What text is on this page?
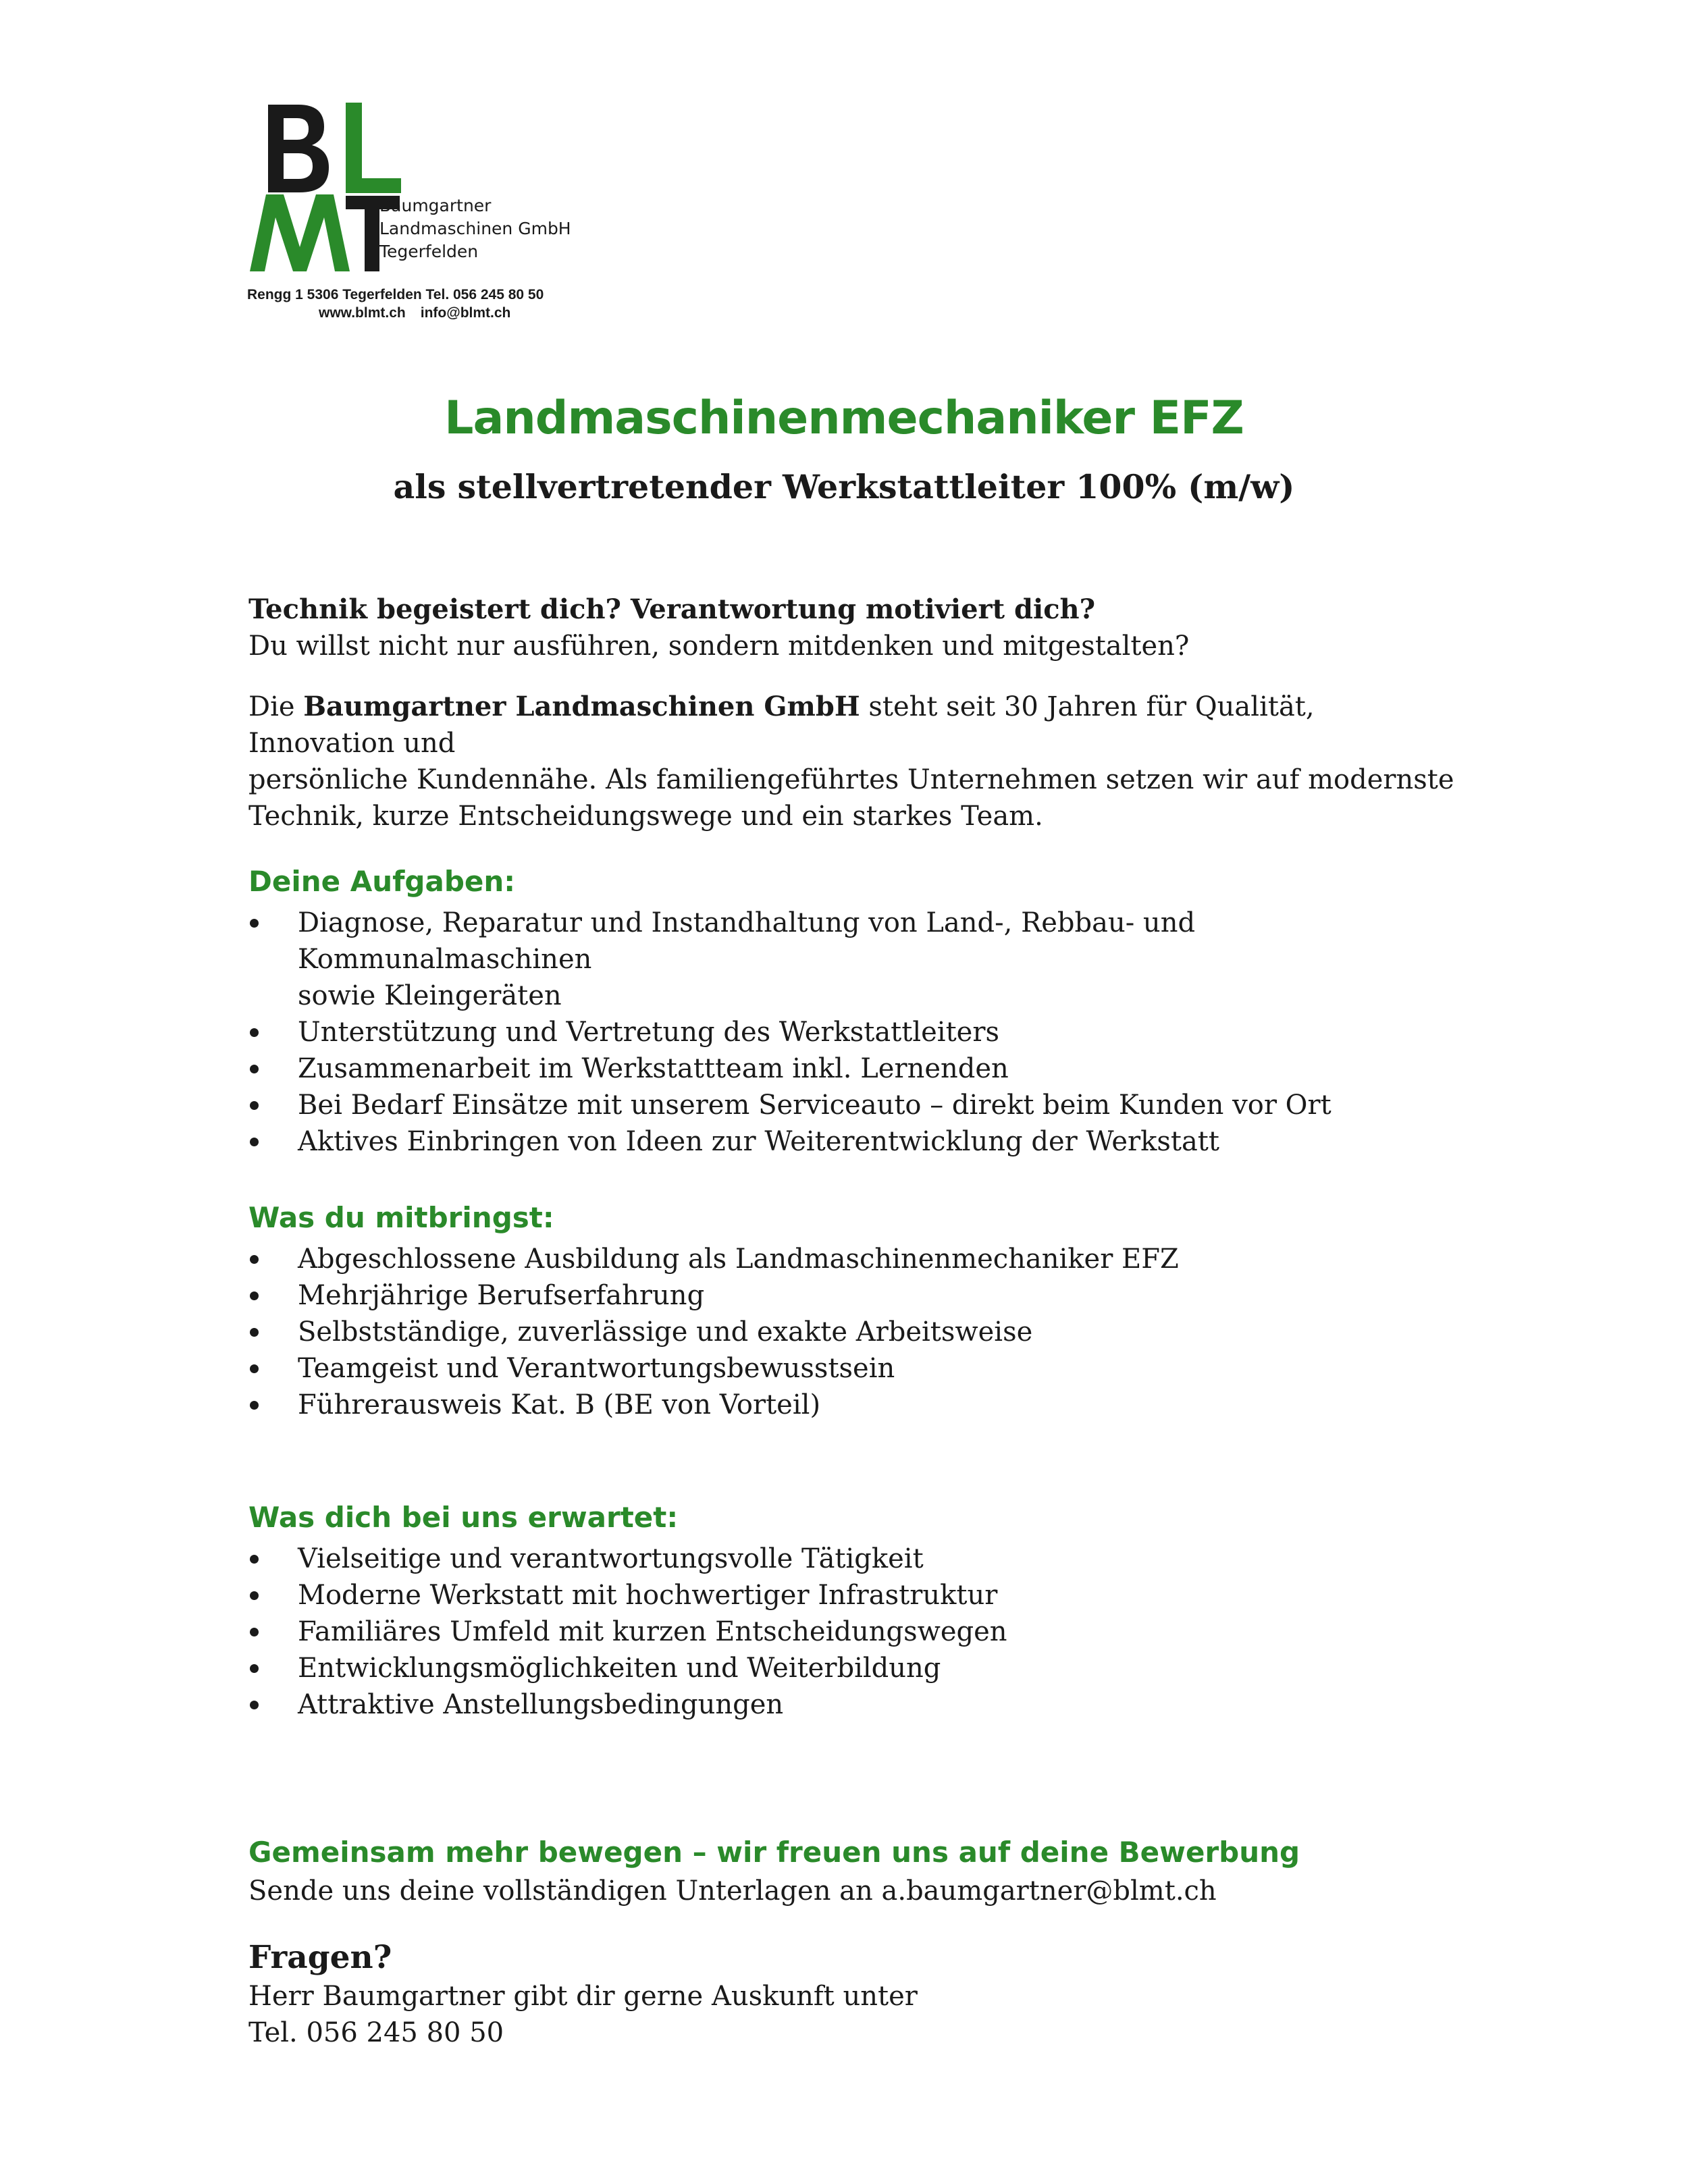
Baumgartner
Landmaschinen GmbH
Tegerfelden
Rengg 1 5306 Tegerfelden Tel. 056 245 80 50
www.blmt.ch info@blmt.ch
Landmaschinenmechaniker EFZ
als stellvertretender Werkstattleiter 100% (m/w)

Technik begeistert dich? Verantwortung motiviert dich?

Du willst nicht nur ausführen, sondern mitdenken und mitgestalten?

Die Baumgartner Landmaschinen GmbH steht seit 30 Jahren für Qualität, Innovation und

persönliche Kundennähe. Als familiengeführtes Unternehmen setzen wir auf modernste

Technik, kurze Entscheidungswege und ein starkes Team.

Deine Aufgaben:
Diagnose, Reparatur und Instandhaltung von Land-, Rebbau- und Kommunalmaschinen
sowie Kleingeräten
Unterstützung und Vertretung des Werkstattleiters
Zusammenarbeit im Werkstattteam inkl. Lernenden
Bei Bedarf Einsätze mit unserem Serviceauto – direkt beim Kunden vor Ort
Aktives Einbringen von Ideen zur Weiterentwicklung der Werkstatt
Was du mitbringst:
Abgeschlossene Ausbildung als Landmaschinenmechaniker EFZ
Mehrjährige Berufserfahrung
Selbstständige, zuverlässige und exakte Arbeitsweise
Teamgeist und Verantwortungsbewusstsein
Führerausweis Kat. B (BE von Vorteil)
Was dich bei uns erwartet:
Vielseitige und verantwortungsvolle Tätigkeit
Moderne Werkstatt mit hochwertiger Infrastruktur
Familiäres Umfeld mit kurzen Entscheidungswegen
Entwicklungsmöglichkeiten und Weiterbildung
Attraktive Anstellungsbedingungen
Gemeinsam mehr bewegen – wir freuen uns auf deine Bewerbung

Sende uns deine vollständigen Unterlagen an a.baumgartner@blmt.ch

Fragen?

Herr Baumgartner gibt dir gerne Auskunft unter

Tel. 056 245 80 50
